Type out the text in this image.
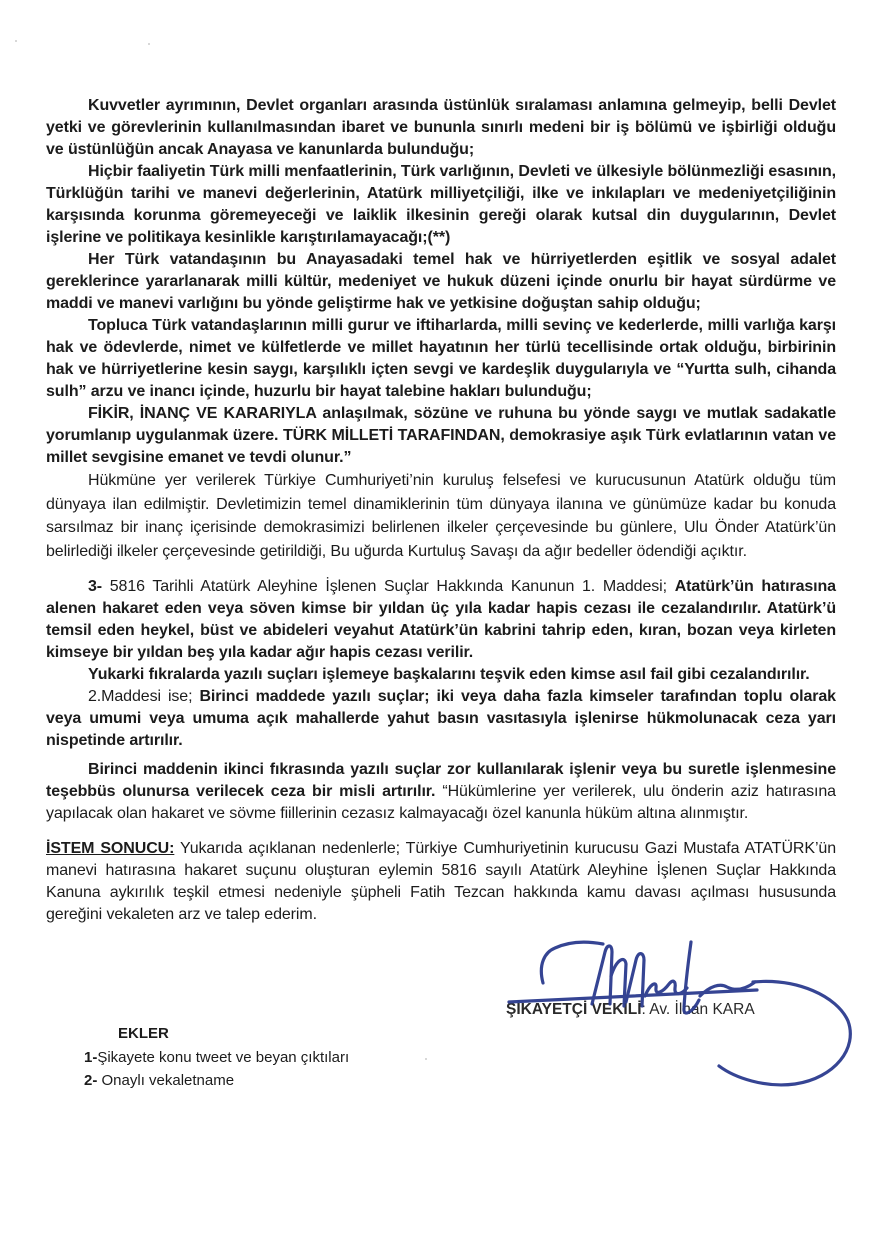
Kuvvetler ayrımının, Devlet organları arasında üstünlük sıralaması anlamına gelmeyip, belli Devlet yetki ve görevlerinin kullanılmasından ibaret ve bununla sınırlı medeni bir iş bölümü ve işbirliği olduğu ve üstünlüğün ancak Anayasa ve kanunlarda bulunduğu;

Hiçbir faaliyetin Türk milli menfaatlerinin, Türk varlığının, Devleti ve ülkesiyle bölünmezliği esasının, Türklüğün tarihi ve manevi değerlerinin, Atatürk milliyetçiliği, ilke ve inkılapları ve medeniyetçiliğinin karşısında korunma göremeyeceği ve laiklik ilkesinin gereği olarak kutsal din duygularının, Devlet işlerine ve politikaya kesinlikle karıştırılamayacağı;(**)

Her Türk vatandaşının bu Anayasadaki temel hak ve hürriyetlerden eşitlik ve sosyal adalet gereklerince yararlanarak milli kültür, medeniyet ve hukuk düzeni içinde onurlu bir hayat sürdürme ve maddi ve manevi varlığını bu yönde geliştirme hak ve yetkisine doğuştan sahip olduğu;

Topluca Türk vatandaşlarının milli gurur ve iftiharlarda, milli sevinç ve kederlerde, milli varlığa karşı hak ve ödevlerde, nimet ve külfetlerde ve millet hayatının her türlü tecellisinde ortak olduğu, birbirinin hak ve hürriyetlerine kesin saygı, karşılıklı içten sevgi ve kardeşlik duygularıyla ve “Yurtta sulh, cihanda sulh” arzu ve inancı içinde, huzurlu bir hayat talebine hakları bulunduğu;

FİKİR, İNANÇ VE KARARIYLA anlaşılmak, sözüne ve ruhuna bu yönde saygı ve mutlak sadakatle yorumlanıp uygulanmak üzere. TÜRK MİLLETİ TARAFINDAN, demokrasiye aşık Türk evlatlarının vatan ve millet sevgisine emanet ve tevdi olunur.”

Hükmüne yer verilerek Türkiye Cumhuriyeti’nin kuruluş felsefesi ve kurucusunun Atatürk olduğu tüm dünyaya ilan edilmiştir. Devletimizin temel dinamiklerinin tüm dünyaya ilanına ve günümüze kadar bu konuda sarsılmaz bir inanç içerisinde demokrasimizi belirlenen ilkeler çerçevesinde bu günlere, Ulu Önder Atatürk’ün belirlediği ilkeler çerçevesinde getirildiği, Bu uğurda Kurtuluş Savaşı da ağır bedeller ödendiği açıktır.

3- 5816 Tarihli Atatürk Aleyhine İşlenen Suçlar Hakkında Kanunun 1. Maddesi; Atatürk’ün hatırasına alenen hakaret eden veya söven kimse bir yıldan üç yıla kadar hapis cezası ile cezalandırılır. Atatürk’ü temsil eden heykel, büst ve abideleri veyahut Atatürk’ün kabrini tahrip eden, kıran, bozan veya kirleten kimseye bir yıldan beş yıla kadar ağır hapis cezası verilir.

Yukarki fıkralarda yazılı suçları işlemeye başkalarını teşvik eden kimse asıl fail gibi cezalandırılır.

2.Maddesi ise; Birinci maddede yazılı suçlar; iki veya daha fazla kimseler tarafından toplu olarak veya umumi veya umuma açık mahallerde yahut basın vasıtasıyla işlenirse hükmolunacak ceza yarı nispetinde artırılır.

Birinci maddenin ikinci fıkrasında yazılı suçlar zor kullanılarak işlenir veya bu suretle işlenmesine teşebbüs olunursa verilecek ceza bir misli artırılır. “Hükümlerine yer verilerek, ulu önderin aziz hatırasına yapılacak olan hakaret ve sövme fiillerinin cezasız kalmayacağı özel kanunla hüküm altına alınmıştır.

İSTEM SONUCU: Yukarıda açıklanan nedenlerle; Türkiye Cumhuriyetinin kurucusu Gazi Mustafa ATATÜRK’ün manevi hatırasına hakaret suçunu oluşturan eylemin 5816 sayılı Atatürk Aleyhine İşlenen Suçlar Hakkında Kanuna aykırılık teşkil etmesi nedeniyle şüpheli Fatih Tezcan hakkında kamu davası açılması hususunda gereğini vekaleten arz ve talep ederim.

ŞİKAYETÇİ VEKİLİ: Av. İlhan KARA
EKLER
1-Şikayete konu tweet ve beyan çıktıları
2- Onaylı vekaletname
